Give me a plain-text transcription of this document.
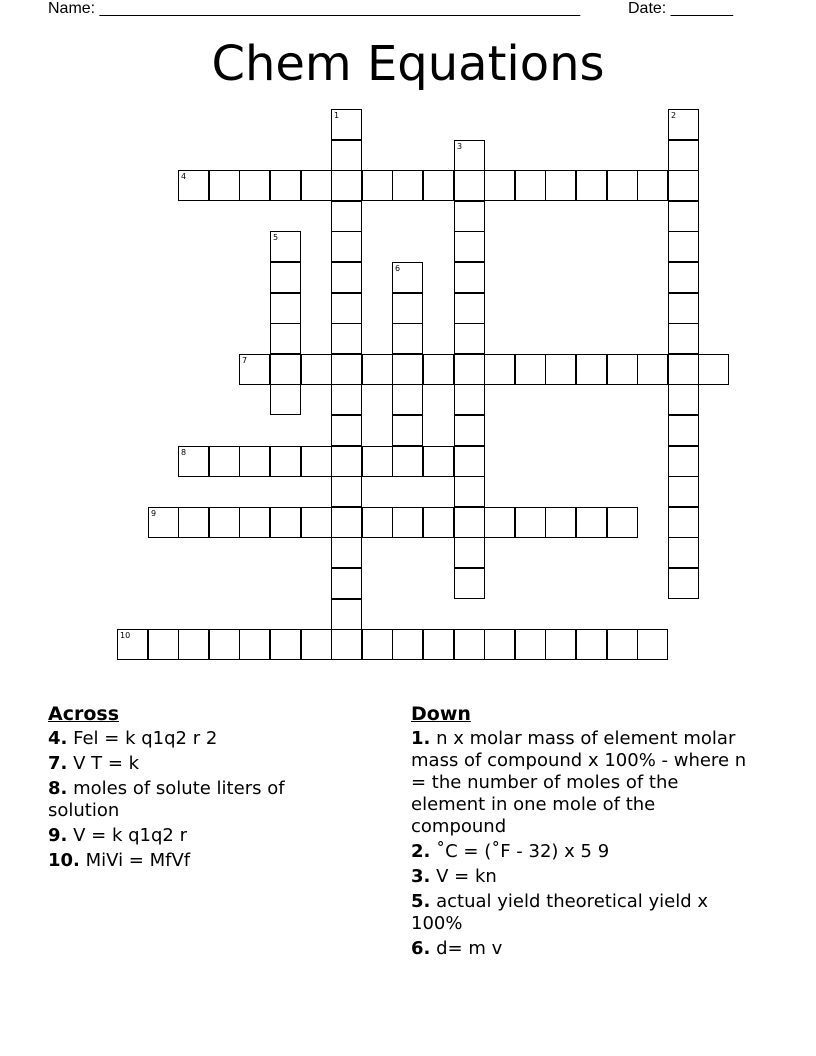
Name: ______________________________________________________	Date: _______
Chem Equations
4
7
8
9
10
1	2
3
5
6
Across
4. Fel = k q1q2 r 2
7. V T = k
8. moles of solute liters of solution
9. V = k q1q2 r
10. MiVi = MfVf
Down
1. n x molar mass of element molar mass of compound x 100% - where n = the number of moles of the element in one mole of the compound
2. ˚C = (˚F - 32) x 5 9
3. V = kn
5. actual yield theoretical yield x 100%
6. d= m v
